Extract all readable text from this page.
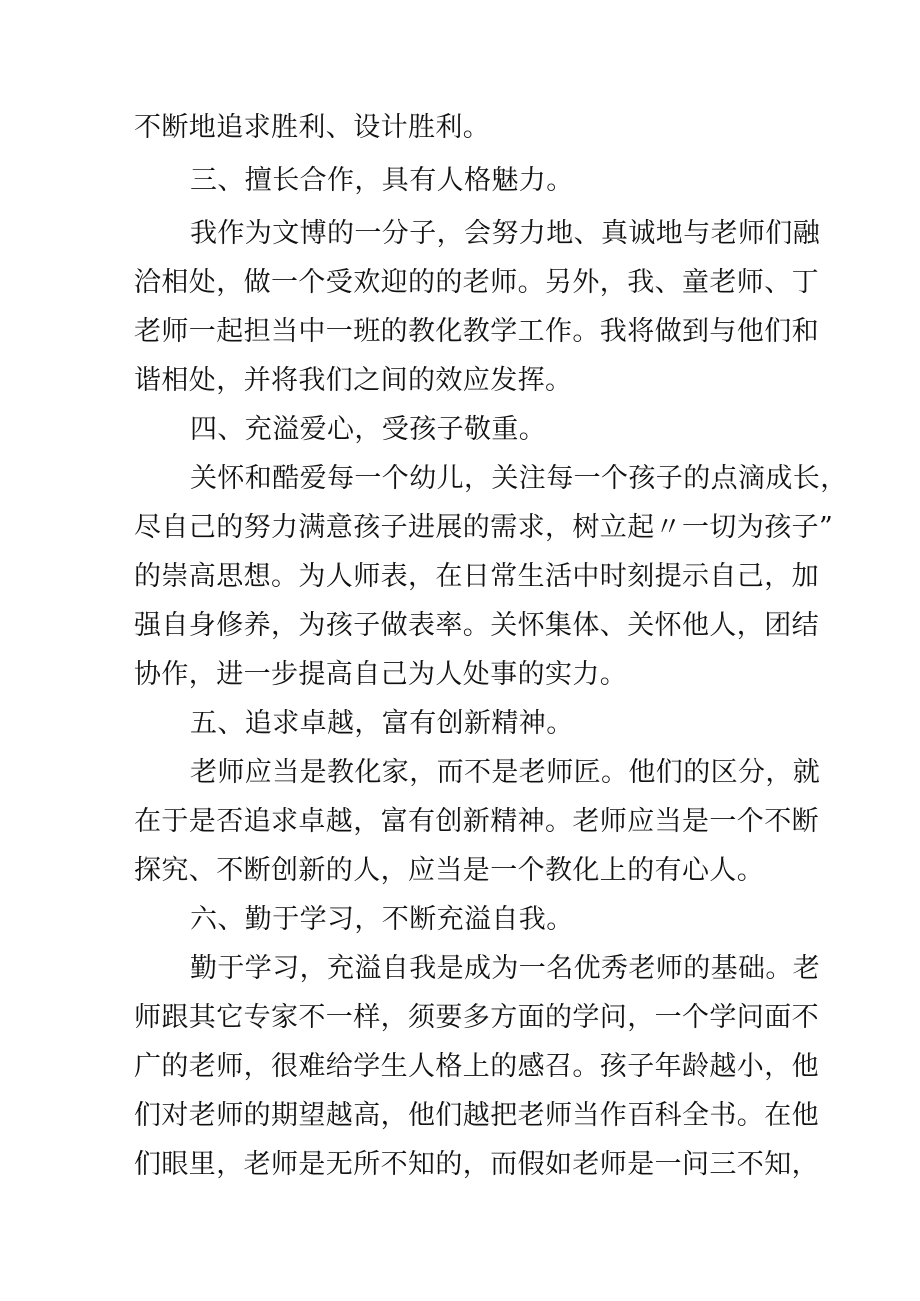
不断地追求胜利、设计胜利。

三、擅长合作，具有人格魅力。

我作为文博的一分子，会努力地、真诚地与老师们融

洽相处，做一个受欢迎的的老师。另外，我、童老师、丁

老师一起担当中一班的教化教学工作。我将做到与他们和

谐相处，并将我们之间的效应发挥。

四、充溢爱心，受孩子敬重。

关怀和酷爱每一个幼儿，关注每一个孩子的点滴成长，

尽自己的努力满意孩子进展的需求，树立起〃一切为孩子”

的崇高思想。为人师表，在日常生活中时刻提示自己，加

强自身修养，为孩子做表率。关怀集体、关怀他人，团结

协作，进一步提高自己为人处事的实力。

五、追求卓越，富有创新精神。

老师应当是教化家，而不是老师匠。他们的区分，就

在于是否追求卓越，富有创新精神。老师应当是一个不断

探究、不断创新的人，应当是一个教化上的有心人。

六、勤于学习，不断充溢自我。

勤于学习，充溢自我是成为一名优秀老师的基础。老

师跟其它专家不一样，须要多方面的学问，一个学问面不

广的老师，很难给学生人格上的感召。孩子年龄越小，他

们对老师的期望越高，他们越把老师当作百科全书。在他

们眼里，老师是无所不知的，而假如老师是一问三不知，
